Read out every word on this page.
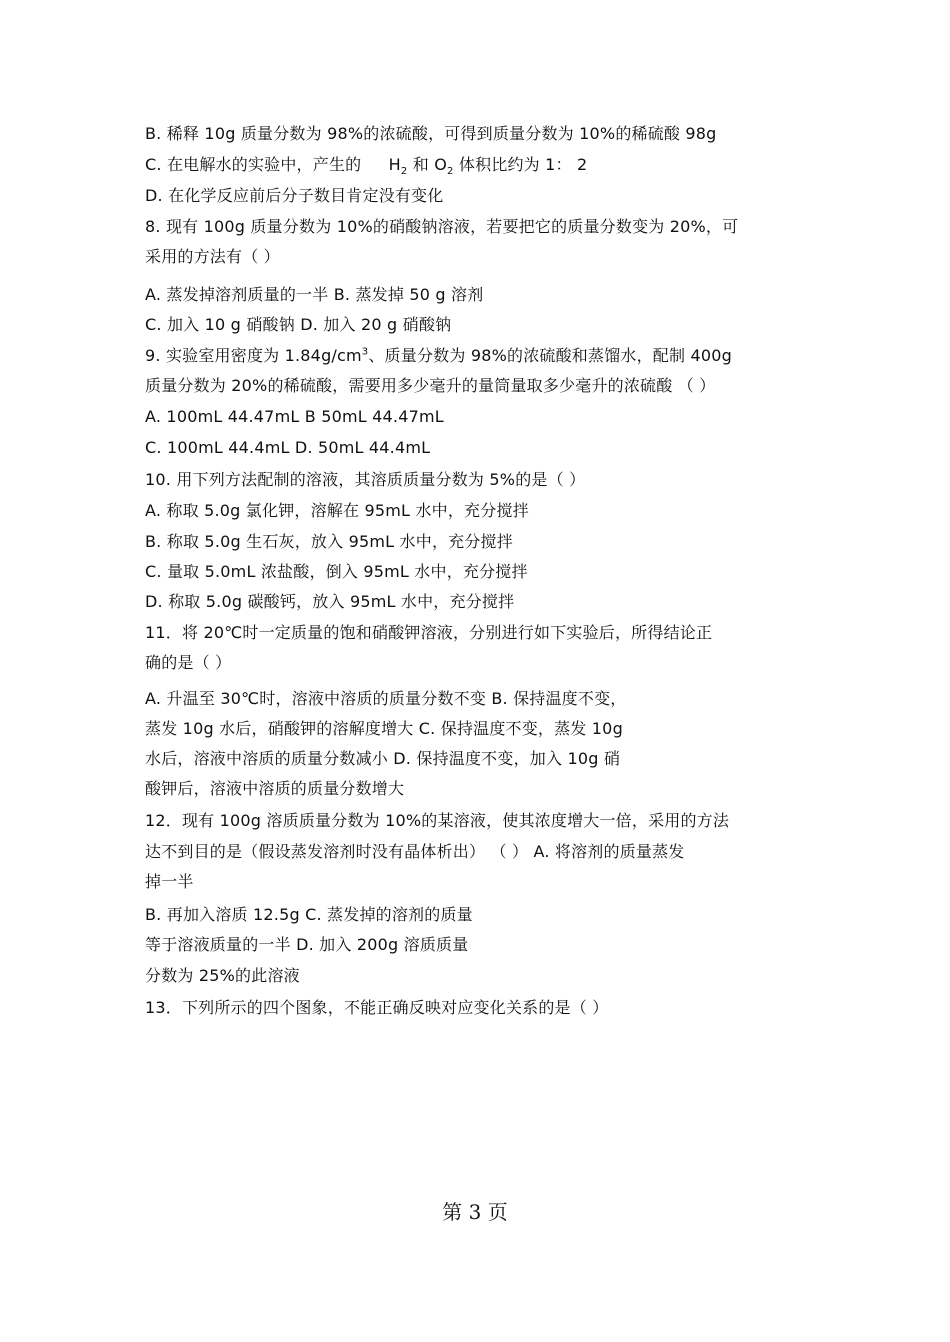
B. 稀释 10g 质量分数为 98%的浓硫酸，可得到质量分数为 10%的稀硫酸 98g
C. 在电解水的实验中，产生的 $H_2$ 和 $O_2$ 体积比约为 1： 2
D. 在化学反应前后分子数目肯定没有变化
8. 现有 100g 质量分数为 10%的硝酸钠溶液，若要把它的质量分数变为 20%，可
采用的方法有（ ）
A. 蒸发掉溶剂质量的一半 B. 蒸发掉 50 g 溶剂
C. 加入 10 g 硝酸钠 D. 加入 20 g 硝酸钠
9. 实验室用密度为 $1.84g/cm^3$、质量分数为 98%的浓硫酸和蒸馏水，配制 400g
质量分数为 20%的稀硫酸，需要用多少毫升的量筒量取多少毫升的浓硫酸 （ ）
A. 100mL 44.47mL B 50mL 44.47mL
C. 100mL 44.4mL D. 50mL 44.4mL
10. 用下列方法配制的溶液，其溶质质量分数为 5%的是（ ）
A. 称取 5.0g 氯化钾，溶解在 95mL 水中，充分搅拌
B. 称取 5.0g 生石灰，放入 95mL 水中，充分搅拌
C. 量取 5.0mL 浓盐酸，倒入 95mL 水中，充分搅拌
D. 称取 5.0g 碳酸钙，放入 95mL 水中，充分搅拌
11．将 20℃时一定质量的饱和硝酸钾溶液，分别进行如下实验后，所得结论正
确的是（ ）
A. 升温至 30℃时，溶液中溶质的质量分数不变 B. 保持温度不变，
蒸发 10g 水后，硝酸钾的溶解度增大 C. 保持温度不变，蒸发 10g
水后，溶液中溶质的质量分数减小 D. 保持温度不变，加入 10g 硝
酸钾后，溶液中溶质的质量分数增大
12．现有 100g 溶质质量分数为 10%的某溶液，使其浓度增大一倍，采用的方法
达不到目的是（假设蒸发溶剂时没有晶体析出） （ ） A. 将溶剂的质量蒸发
掉一半
B. 再加入溶质 12.5g C. 蒸发掉的溶剂的质量
等于溶液质量的一半 D. 加入 200g 溶质质量
分数为 25%的此溶液
13．下列所示的四个图象，不能正确反映对应变化关系的是（ ）
第 3 页
